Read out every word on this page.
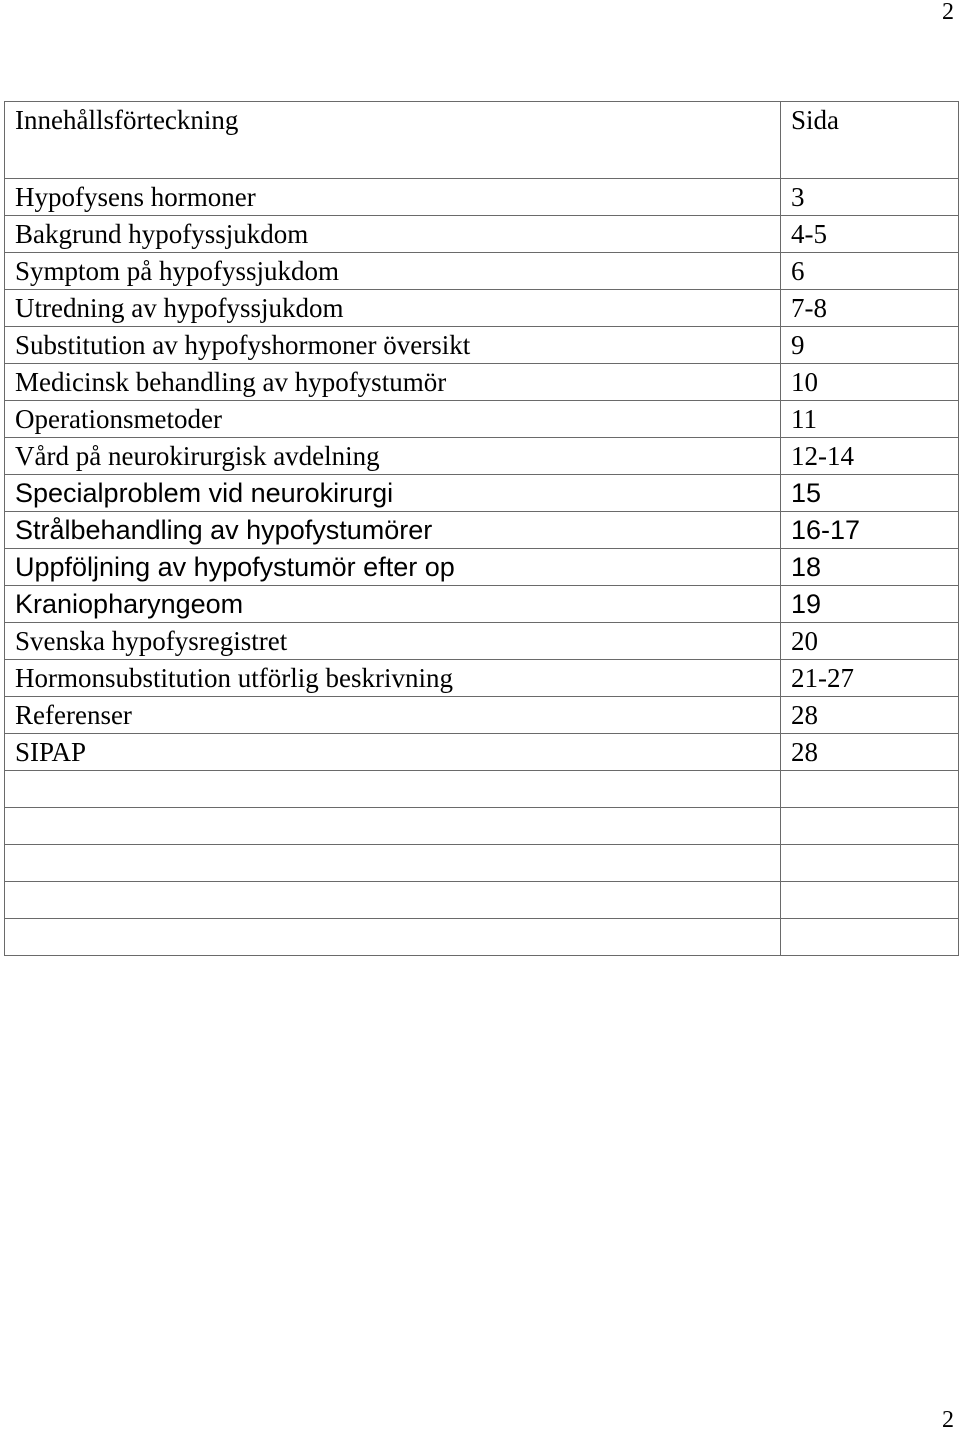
2
Innehållsförteckning	Sida
Hypofysens hormoner	3
Bakgrund hypofyssjukdom	4-5
Symptom på hypofyssjukdom	6
Utredning av hypofyssjukdom	7-8
Substitution av hypofyshormoner översikt	9
Medicinsk behandling av hypofystumör	10
Operationsmetoder	11
Vård på neurokirurgisk avdelning	12-14
Specialproblem vid neurokirurgi	15
Strålbehandling av hypofystumörer	16-17
Uppföljning av hypofystumör efter op	18
Kraniopharyngeom	19
Svenska hypofysregistret	20
Hormonsubstitution utförlig beskrivning	21-27
Referenser	28
SIPAP	28

2
